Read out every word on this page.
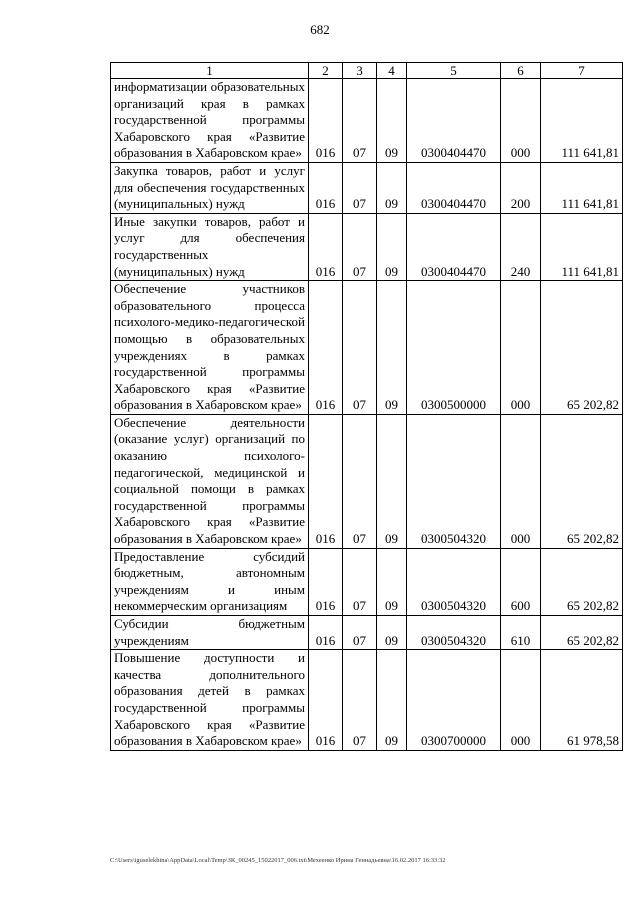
682
1	2	3	4	5	6	7
информатизации образовательных организаций края в рамках государственной программы Хабаровского края «Развитие образования в Хабаровском крае»	016	07	09	0300404470	000	111 641,81
Закупка товаров, работ и услуг для обеспечения государственных (муниципальных) нужд	016	07	09	0300404470	200	111 641,81
Иные закупки товаров, работ и услуг для обеспечения государственных (муниципальных) нужд	016	07	09	0300404470	240	111 641,81
Обеспечение участников образовательного процесса психолого-медико-педагогической помощью в образовательных учреждениях в рамках государственной программы Хабаровского края «Развитие образования в Хабаровском крае»	016	07	09	0300500000	000	65 202,82
Обеспечение деятельности (оказание услуг) организаций по оказанию психолого-педагогической, медицинской и социальной помощи в рамках государственной программы Хабаровского края «Развитие образования в Хабаровском крае»	016	07	09	0300504320	000	65 202,82
Предоставление субсидий бюджетным, автономным учреждениям и иным некоммерческим организациям	016	07	09	0300504320	600	65 202,82
Субсидии бюджетным учреждениям	016	07	09	0300504320	610	65 202,82
Повышение доступности и качества дополнительного образования детей в рамках государственной программы Хабаровского края «Развитие образования в Хабаровском крае»	016	07	09	0300700000	000	61 978,58
C:\Users\iguselekhina\AppData\Local\Temp\ЗК_00245_15022017_006.txt\Мехеенко Ирина Геннадьевна\16.02.2017 16:33:32
